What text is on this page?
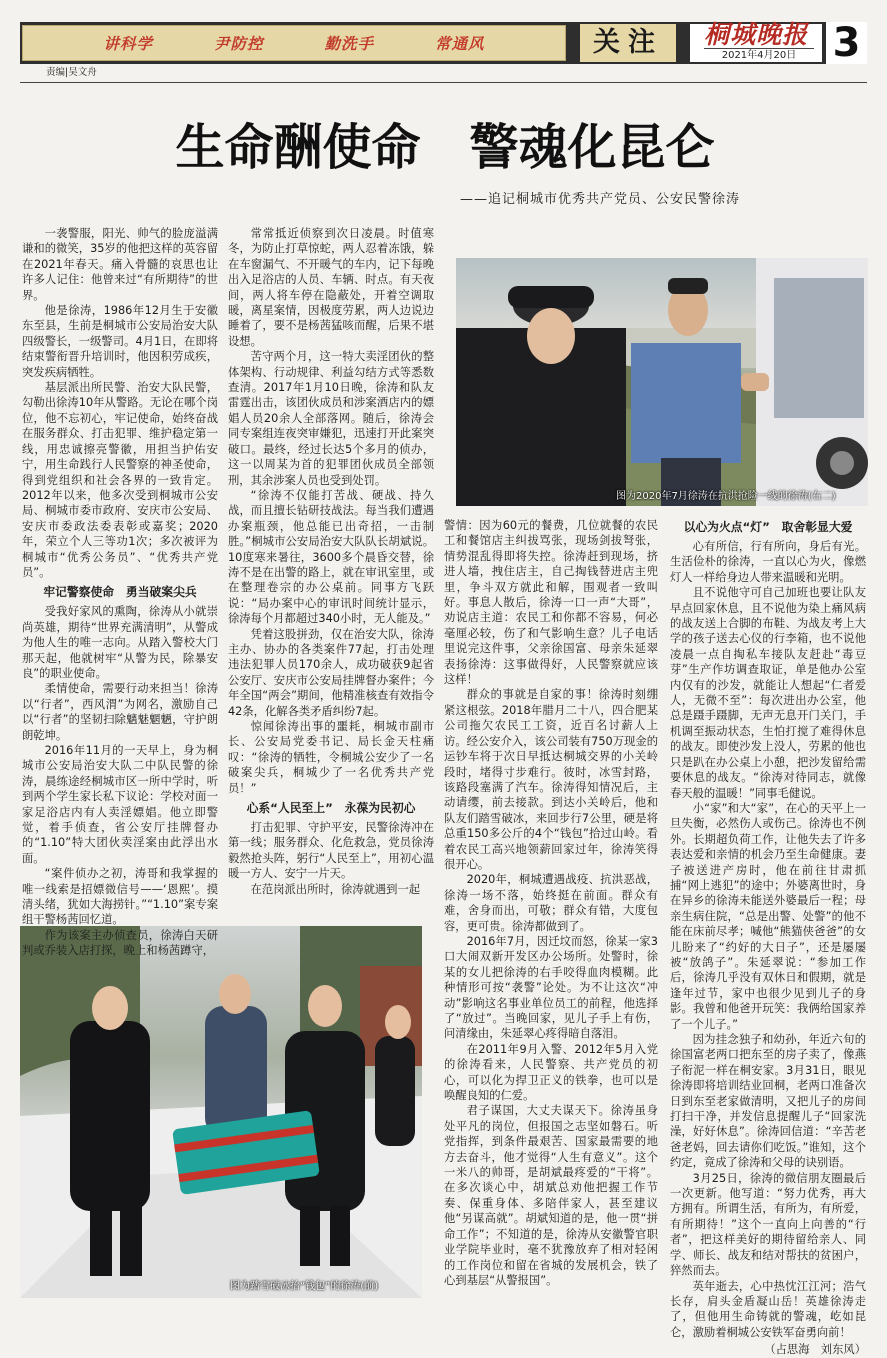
讲科学	尹防控	勤洗手	常通风	关注	桐城晚报
2021年4月20日 3
责编|吴文舟
生命酬使命　警魂化昆仑
——追记桐城市优秀共产党员、公安民警徐涛
图为2020年7月徐涛在抗洪抢险一线的徐涛(右二)
图为踏雪破冰抬“钱包”的徐涛(前)

一袭警服，阳光、帅气的脸庞溢满谦和的微笑，35岁的他把这样的英容留在2021年春天。痛入骨髓的哀思也让许多人记住：他曾来过“有所期待”的世界。

他是徐涛，1986年12月生于安徽东至县，生前是桐城市公安局治安大队四级警长，一级警司。4月1日，在即将结束警衔晋升培训时，他因积劳成疾，突发疾病牺牲。

基层派出所民警、治安大队民警，勾勒出徐涛10年从警路。无论在哪个岗位，他不忘初心，牢记使命，始终奋战在服务群众、打击犯罪、维护稳定第一线，用忠诚擦亮警徽，用担当护佑安宁，用生命践行人民警察的神圣使命，得到党组织和社会各界的一致肯定。2012年以来，他多次受到桐城市公安局、桐城市委市政府、安庆市公安局、安庆市委政法委表彰或嘉奖；2020年，荣立个人三等功1次；多次被评为桐城市“优秀公务员”、“优秀共产党员”。

牢记警察使命　勇当破案尖兵

受我好家风的熏陶，徐涛从小就崇尚英雄，期待“世界充满清明”，从警成为他人生的唯一志向。从踏入警校大门那天起，他就树牢“从警为民，除暴安良”的职业使命。

柔情使命，需要行动来担当！徐涛以“行者”，西风渭”为网名，激励自己以“行者”的坚韧扫除魑魅魍魉，守护朗朗乾坤。

2016年11月的一天早上，身为桐城市公安局治安大队二中队民警的徐涛，晨练途经桐城市区一所中学时，听到两个学生家长私下议论：学校对面一家足浴店内有人卖淫嫖娼。他立即警觉，着手侦查，省公安厅挂牌督办的“1.10”特大团伙卖淫案由此浮出水面。

“案件侦办之初，涛哥和我掌握的唯一线索是招嫖微信号——‘恩熙’。摸清头绪，犹如大海捞针。”“1.10”案专案组干警杨茜回忆道。

作为该案主办侦查员，徐涛白天研判或乔装入店打探，晚上和杨茜蹲守，

常常抵近侦察到次日凌晨。时值寒冬，为防止打草惊蛇，两人忍着冻饿，躲在车窗漏气、不开暖气的车内，记下每晚出入足浴店的人员、车辆、时点。有天夜间，两人将车停在隐蔽处，开着空调取暖，离星案情，因极度劳累，两人边说边睡着了，要不是杨茜猛咳而醒，后果不堪设想。

苦守两个月，这一特大卖淫团伙的整体架构、行动规律、利益勾结方式等悉数查清。2017年1月10日晚，徐涛和队友雷霆出击，该团伙成员和涉案酒店内的嫖娼人员20余人全部落网。随后，徐涛会同专案组连夜突审嫌犯，迅速打开此案突破口。最终，经过长达5个多月的侦办，这一以周某为首的犯罪团伙成员全部领刑，其余涉案人员也受到处罚。

“徐涛不仅能打苦战、硬战、持久战，而且擅长钻研技战法。每当我们遭遇办案瓶颈，他总能已出奇招，一击制胜。”桐城市公安局治安大队队长胡斌说。10度寒来暑往，3600多个晨昏交替，徐涛不是在出警的路上，就在审讯室里，或在整理卷宗的办公桌前。同事方飞跃说：“局办案中心的审讯时间统计显示，徐涛每个月都超过340小时，无人能及。”

凭着这股拼劲，仅在治安大队，徐涛主办、协办的各类案件77起，打击处理违法犯罪人员170余人，成功破获9起省公安厅、安庆市公安局挂牌督办案件；今年全国“两会”期间，他精准核查有效指令42条，化解各类矛盾纠纷7起。

惊闻徐涛出事的噩耗，桐城市副市长、公安局党委书记、局长金天柱痛叹：“徐涛的牺牲，令桐城公安少了一名破案尖兵，桐城少了一名优秀共产党员！”

心系“人民至上”　永葆为民初心

打击犯罪、守护平安，民警徐涛冲在第一线；服务群众、化危救急，党员徐涛毅然抢头阵，躬行“人民至上”，用初心温暖一方人、安宁一片天。

在范岗派出所时，徐涛就遇到一起

警情：因为60元的餐费，几位就餐的农民工和餐馆店主纠拔骂张，现场剑拔弩张，情势混乱得即将失控。徐涛赶到现场，挤进人墙，拽住店主，自己掏钱替进店主兜里，争斗双方就此和解，围观者一致叫好。事息人散后，徐涛一口一声“大哥”，劝说店主道：农民工和你都不容易，何必毫厘必较，伤了和气影响生意？儿子电话里说完这件事，父亲徐国富、母亲朱延翠表扬徐涛：这事做得好，人民警察就应该这样！

群众的事就是自家的事！徐涛时刻绷紧这根弦。2018年腊月二十八，四合肥某公司拖欠农民工工资，近百名讨薪人上访。经公安介入，该公司装有750万现金的运钞车将于次日早抵达桐城交界的小关岭段时，堵得寸步难行。彼时，冰雪封路，该路段塞满了汽车。徐涛得知情况后，主动请缨，前去接款。到达小关岭后，他和队友们踏雪破冰，来回步行7公里，硬是将总重150多公斤的4个“钱包”拾过山岭。看着农民工高兴地领薪回家过年，徐涛笑得很开心。

2020年，桐城遭遇战疫、抗洪恶战，徐涛一场不落，始终挺在前面。群众有难，舍身而出，可敬；群众有错，大度包容，更可贵。徐涛都做到了。

2016年7月，因迁坟而怒，徐某一家3口大闹双新开发区办公场所。处警时，徐某的女儿把徐涛的右手咬得血肉模糊。此种情形可按“袭警”论处。为不让这次“冲动”影响这名事业单位员工的前程，他选择了“放过”。当晚回家，见儿子手上有伤，问清缘由，朱延翠心疼得暗自落泪。

在2011年9月入警、2012年5月入党的徐涛看来，人民警察、共产党员的初心，可以化为捍卫正义的铁拳，也可以是唤醒良知的仁爱。

君子谋国，大丈夫谋天下。徐涛虽身处平凡的岗位，但报国之志坚如磐石。听党指挥，到条件最艰苦、国家最需要的地方去奋斗，他才觉得“人生有意义”。这个一米八的帅哥，是胡斌最疼爱的“干将”。在多次谈心中，胡斌总劝他把握工作节奏、保重身体、多陪伴家人，甚至建议他“另谋高就”。胡斌知道的是，他一贯“拼命工作”；不知道的是，徐涛从安徽警官职业学院毕业时，毫不犹豫放弃了相对轻闲的工作岗位和留在省城的发展机会，铁了心到基层“从警报国”。

以心为火点“灯”　取舍彰显大爱

心有所信，行有所向，身后有光。生活俭朴的徐涛，一直以心为火，像燃灯人一样给身边人带来温暖和光明。

且不说他守可自己加班也要让队友早点回家休息，且不说他为染上痛风病的战友送上合脚的布鞋、为战友考上大学的孩子送去心仪的行李箱，也不说他凌晨一点自掏私车接队友赶赴“毒豆芽”生产作坊调查取证，单是他办公室内仅有的沙发，就能让人想起“仁者爱人，无微不至”：每次进出办公室，他总是蹑手蹑脚，无声无息开门关门，手机调至振动状态，生怕打搅了难得休息的战友。即使沙发上没人，劳累的他也只是趴在办公桌上小憩，把沙发留给需要休息的战友。“徐涛对待同志，就像春天般的温暖！”同事毛健说。

小“家”和大“家”，在心的天平上一旦失衡，必然伤人或伤己。徐涛也不例外。长期超负荷工作，让他失去了许多表达爱和亲情的机会乃至生命健康。妻子被送进产房时，他在前往甘肃抓捕“网上逃犯”的途中；外婆离世时，身在异乡的徐涛未能送外婆最后一程；母亲生病住院，“总是出警、处警”的他不能在床前尽孝；喊他“熊猫侠爸爸”的女儿盼来了“约好的大日子”，还是屡屡被“放鸽子”。朱延翠说：“参加工作后，徐涛几乎没有双休日和假期，就是逢年过节，家中也很少见到儿子的身影。我曾和他爸开玩笑：我俩给国家养了一个儿子。”

因为挂念独子和幼孙，年近六旬的徐国富老两口把东至的房子卖了，像燕子衔泥一样在桐安家。3月31日，眼见徐涛即将培训结业回桐，老两口准备次日到东至老家做清明，又把儿子的房间打扫干净，并发信息提醒儿子“回家洗澡，好好休息”。徐涛回信道：“辛苦老爸老妈，回去请你们吃饭。”谁知，这个约定，竟成了徐涛和父母的诀别语。

3月25日，徐涛的微信朋友圈最后一次更新。他写道：“努力优秀，再大方拥有。所谓生活，有所为，有所爱，有所期待！”这个一直向上向善的“行者”，把这样美好的期待留给亲人、同学、师长、战友和结对帮扶的贫困户，猝然而去。

英年逝去，心中热忱江江河；浩气长存，肩头金盾凝山岳！英雄徐涛走了，但他用生命铸就的警魂，屹如昆仑，激励着桐城公安铁军奋勇向前！

（占思海　刘东风）
